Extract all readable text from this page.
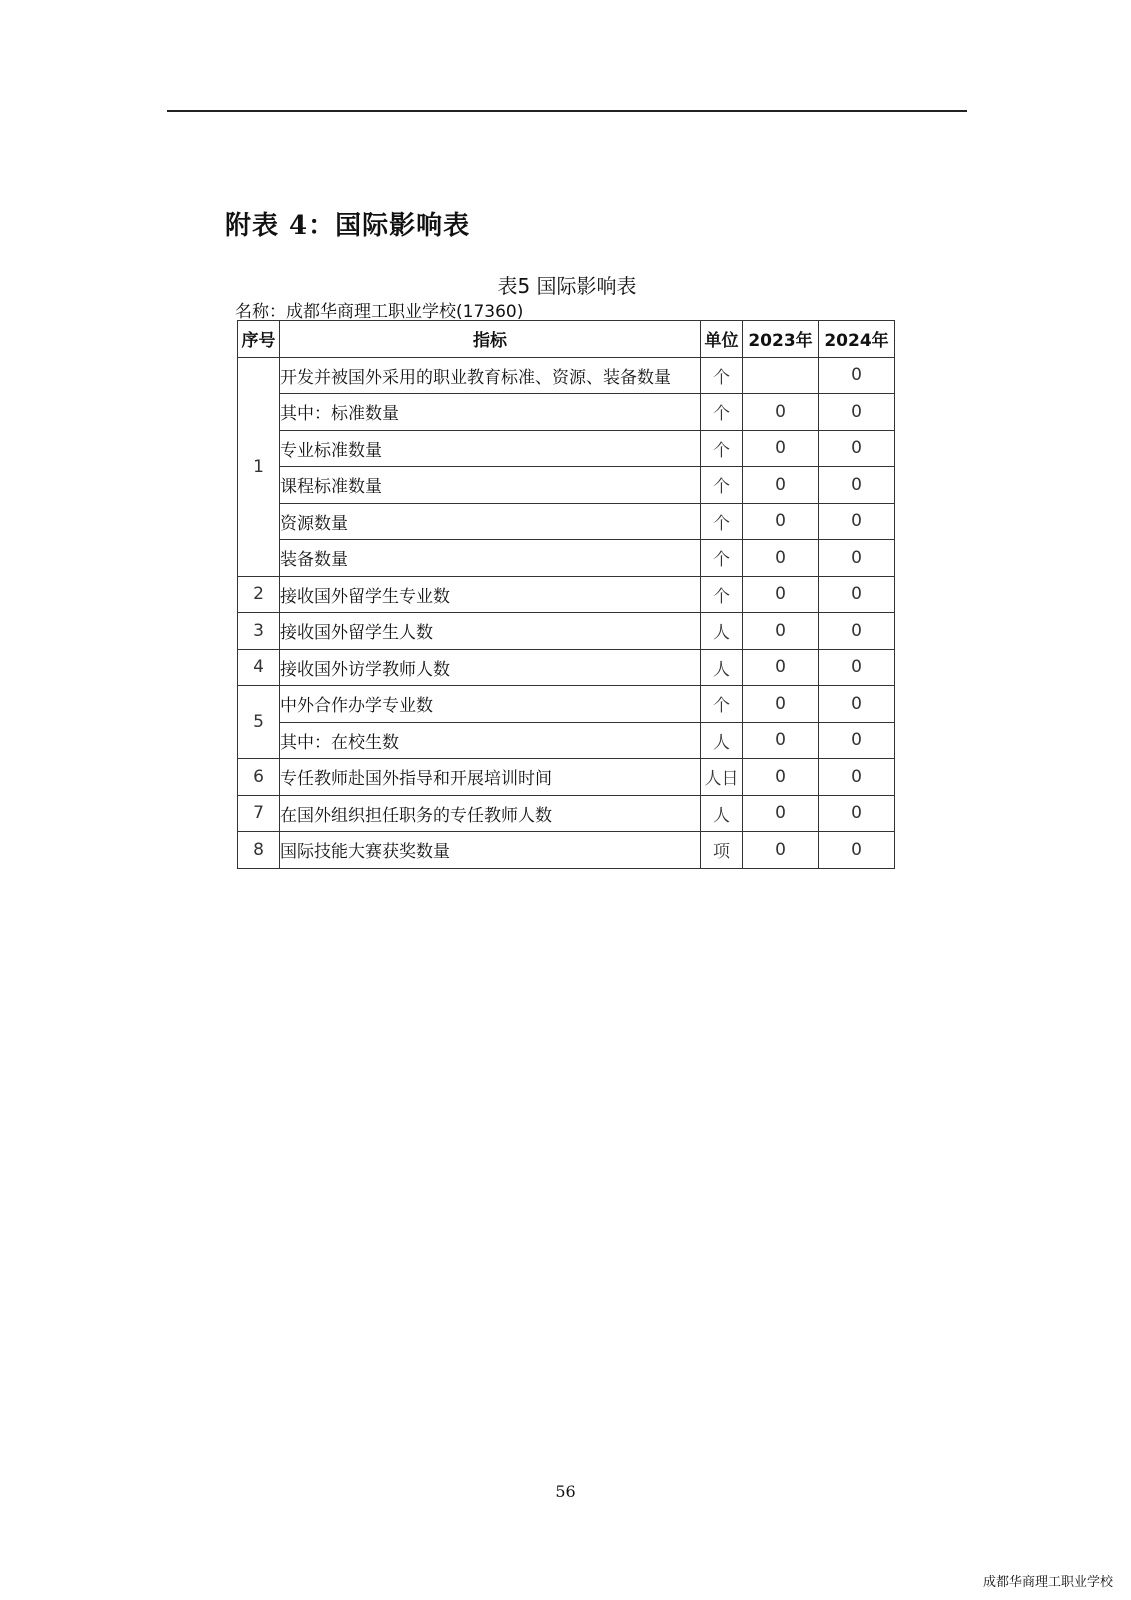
附表 4：国际影响表
表5 国际影响表
名称：成都华商理工职业学校(17360)
序号	指标	单位	2023年	2024年
1	开发并被国外采用的职业教育标准、资源、装备数量	个		0
	其中：标准数量	个	0	0
	专业标准数量	个	0	0
	课程标准数量	个	0	0
	资源数量	个	0	0
	装备数量	个	0	0
2	接收国外留学生专业数	个	0	0
3	接收国外留学生人数	人	0	0
4	接收国外访学教师人数	人	0	0
5	中外合作办学专业数	个	0	0
	其中：在校生数	人	0	0
6	专任教师赴国外指导和开展培训时间	人日	0	0
7	在国外组织担任职务的专任教师人数	人	0	0
8	国际技能大赛获奖数量	项	0	0
56
成都华商理工职业学校
